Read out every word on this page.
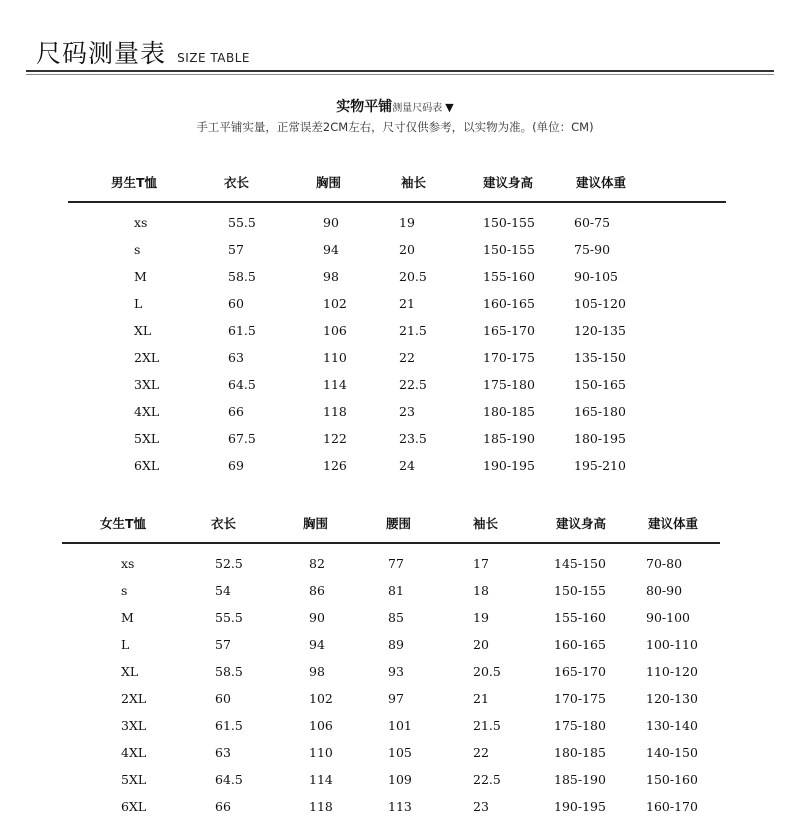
尺码测量表 SIZE TABLE
实物平铺测量尺码表 ▼
手工平铺实量，正常误差2CM左右，尺寸仅供参考，以实物为准。(单位：CM)
男生T恤	衣长	胸围	袖长	建议身高	建议体重
xs	55.5	90	19	150-155	60-75
s	57	94	20	150-155	75-90
M	58.5	98	20.5	155-160	90-105
L	60	102	21	160-165	105-120
XL	61.5	106	21.5	165-170	120-135
2XL	63	110	22	170-175	135-150
3XL	64.5	114	22.5	175-180	150-165
4XL	66	118	23	180-185	165-180
5XL	67.5	122	23.5	185-190	180-195
6XL	69	126	24	190-195	195-210
女生T恤	衣长	胸围	腰围	袖长	建议身高	建议体重
xs	52.5	82	77	17	145-150	70-80
s	54	86	81	18	150-155	80-90
M	55.5	90	85	19	155-160	90-100
L	57	94	89	20	160-165	100-110
XL	58.5	98	93	20.5	165-170	110-120
2XL	60	102	97	21	170-175	120-130
3XL	61.5	106	101	21.5	175-180	130-140
4XL	63	110	105	22	180-185	140-150
5XL	64.5	114	109	22.5	185-190	150-160
6XL	66	118	113	23	190-195	160-170
